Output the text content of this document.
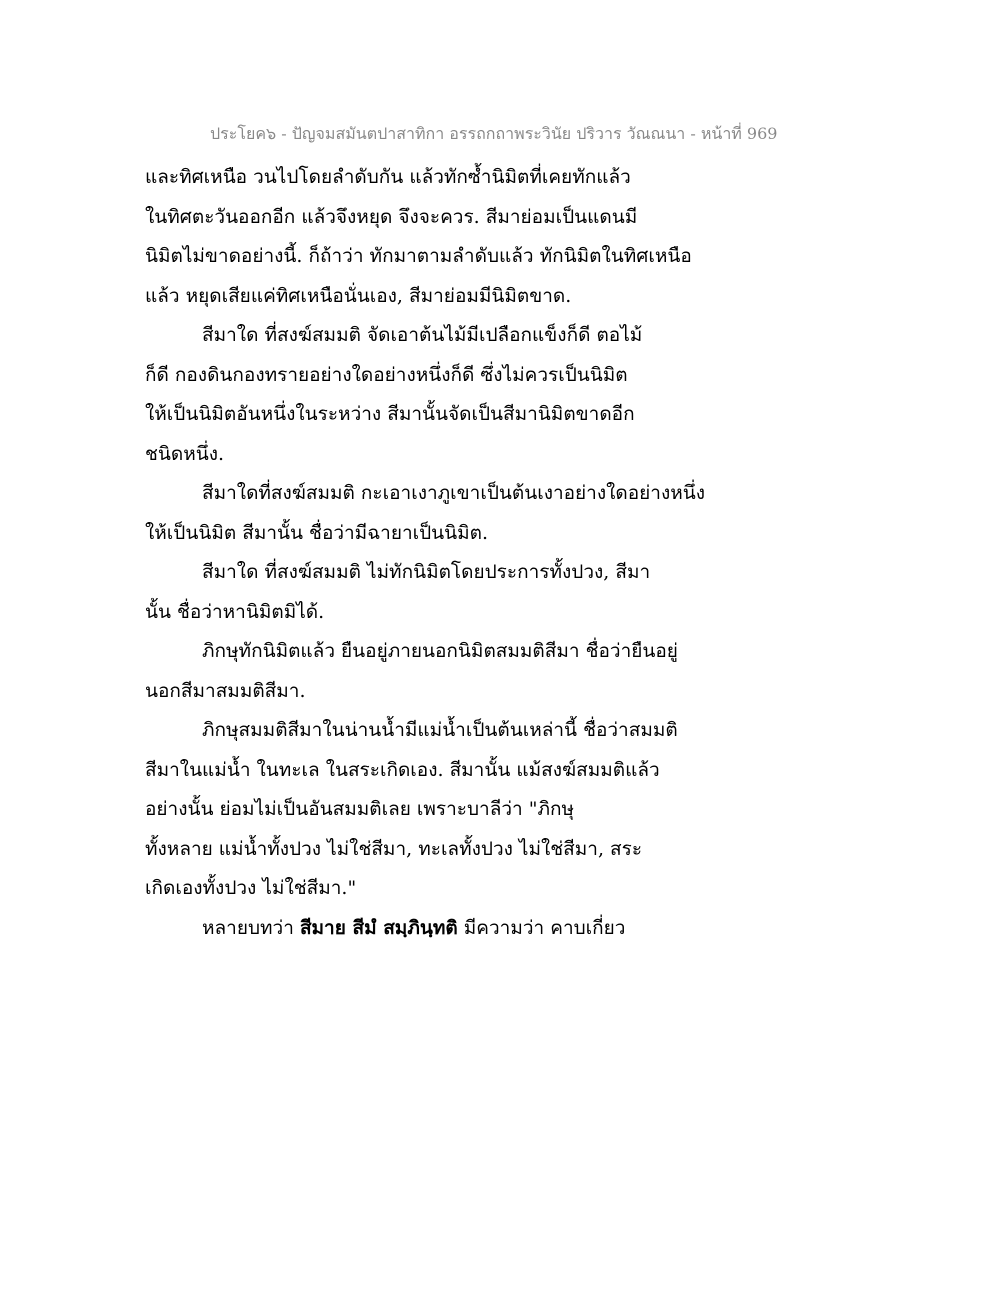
ประโยค๖ - ปัญจมสมันตปาสาทิกา อรรถกถาพระวินัย ปริวาร วัณณนา - หน้าที่ 969
และทิศเหนือ วนไปโดยลำดับกัน แล้วทักซ้ำนิมิตที่เคยทักแล้ว
ในทิศตะวันออกอีก แล้วจึงหยุด จึงจะควร. สีมาย่อมเป็นแดนมี
นิมิตไม่ขาดอย่างนี้. ก็ถ้าว่า ทักมาตามลำดับแล้ว ทักนิมิตในทิศเหนือ
แล้ว หยุดเสียแค่ทิศเหนือนั่นเอง, สีมาย่อมมีนิมิตขาด.
สีมาใด ที่สงฆ์สมมติ จัดเอาต้นไม้มีเปลือกแข็งก็ดี ตอไม้
ก็ดี กองดินกองทรายอย่างใดอย่างหนึ่งก็ดี ซึ่งไม่ควรเป็นนิมิต
ให้เป็นนิมิตอันหนึ่งในระหว่าง สีมานั้นจัดเป็นสีมานิมิตขาดอีก
ชนิดหนึ่ง.
สีมาใดที่สงฆ์สมมติ กะเอาเงาภูเขาเป็นต้นเงาอย่างใดอย่างหนึ่ง
ให้เป็นนิมิต สีมานั้น ชื่อว่ามีฉายาเป็นนิมิต.
สีมาใด ที่สงฆ์สมมติ ไม่ทักนิมิตโดยประการทั้งปวง, สีมา
นั้น ชื่อว่าหานิมิตมิได้.
ภิกษุทักนิมิตแล้ว ยืนอยู่ภายนอกนิมิตสมมติสีมา ชื่อว่ายืนอยู่
นอกสีมาสมมติสีมา.
ภิกษุสมมติสีมาในน่านน้ำมีแม่น้ำเป็นต้นเหล่านี้ ชื่อว่าสมมติ
สีมาในแม่น้ำ ในทะเล ในสระเกิดเอง. สีมานั้น แม้สงฆ์สมมติแล้ว
อย่างนั้น ย่อมไม่เป็นอันสมมติเลย เพราะบาลีว่า "ภิกษุ
ทั้งหลาย แม่น้ำทั้งปวง ไม่ใช่สีมา, ทะเลทั้งปวง ไม่ใช่สีมา, สระ
เกิดเองทั้งปวง ไม่ใช่สีมา."
หลายบทว่า สีมาย สีมํ สมฺภินฺทติ มีความว่า คาบเกี่ยว
